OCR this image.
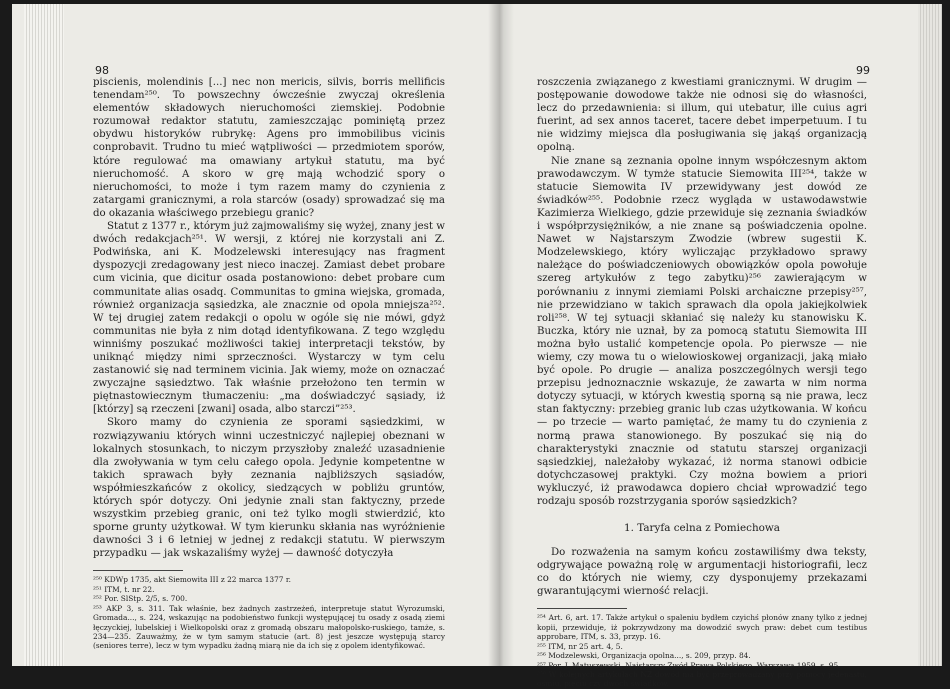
98	99

piscienis, molendinis [...] nec non mericis, silvis, borris mellificis tenendam²⁵⁰. To powszechny ówcześnie zwyczaj określenia elementów składowych nieruchomości ziemskiej. Podobnie rozumował redaktor statutu, zamieszczając pominiętą przez obydwu historyków rubrykę: Agens pro immobilibus vicinis conprobavit. Trudno tu mieć wątpliwości — przedmiotem sporów, które regulować ma omawiany artykuł statutu, ma być nieruchomość. A skoro w grę mają wchodzić spory o nieruchomości, to może i tym razem mamy do czynienia z zatargami granicznymi, a rola starców (osady) sprowadzać się ma do okazania właściwego przebiegu granic?

Statut z 1377 r., którym już zajmowaliśmy się wyżej, znany jest w dwóch redakcjach²⁵¹. W wersji, z której nie korzystali ani Z. Podwińska, ani K. Modzelewski interesujący nas fragment dyspozycji zredagowany jest nieco inaczej. Zamiast debet probare cum vicinia, que dicitur osada postanowiono: debet probare cum communitate alias osadq. Communitas to gmina wiejska, gromada, również organizacja sąsiedzka, ale znacznie od opola mniejsza²⁵². W tej drugiej zatem redakcji o opolu w ogóle się nie mówi, gdyż communitas nie była z nim dotąd identyfikowana. Z tego względu winniśmy poszukać możliwości takiej interpretacji tekstów, by uniknąć między nimi sprzeczności. Wystarczy w tym celu zastanowić się nad terminem vicinia. Jak wiemy, może on oznaczać zwyczajne sąsiedztwo. Tak właśnie przełożono ten termin w piętnastowiecznym tłumaczeniu: „ma doświadczyć sąsiady, iż [którzy] są rzeczeni [zwani] osada, albo starczi”²⁵³.

Skoro mamy do czynienia ze sporami sąsiedzkimi, w rozwiązywaniu których winni uczestniczyć najlepiej obeznani w lokalnych stosunkach, to niczym przyszłoby znaleźć uzasadnienie dla zwoływania w tym celu całego opola. Jedynie kompetentne w takich sprawach były zeznania najbliższych sąsiadów, współmieszkańców z okolicy, siedzących w pobliżu gruntów, których spór dotyczy. Oni jedynie znali stan faktyczny, przede wszystkim przebieg granic, oni też tylko mogli stwierdzić, kto sporne grunty użytkował. W tym kierunku skłania nas wyróżnienie dawności 3 i 6 letniej w jednej z redakcji statutu. W pierwszym przypadku — jak wskazaliśmy wyżej — dawność dotyczyła

²⁵⁰ KDWp 1735, akt Siemowita III z 22 marca 1377 r.

²⁵¹ ITM, t. nr 22.

²⁵² Por. SlStp. 2/5, s. 700.

²⁵³ AKP 3, s. 311. Tak właśnie, bez żadnych zastrzeżeń, interpretuje statut Wyrozumski, Gromada..., s. 224, wskazując na podobieństwo funkcji występującej tu osady z osadą ziemi łęczyckiej, lubelskiej i Wielkopolski oraz z gromadą obszaru małopolsko-ruskiego, tamże, s. 234—235. Zauważmy, że w tym samym statucie (art. 8) jest jeszcze występują starcy (seniores terre), lecz w tym wypadku żadną miarą nie da ich się z opolem identyfikować.

roszczenia związanego z kwestiami granicznymi. W drugim — postępowanie dowodowe także nie odnosi się do własności, lecz do przedawnienia: si illum, qui utebatur, ille cuius agri fuerint, ad sex annos taceret, tacere debet imperpetuum. I tu nie widzimy miejsca dla posługiwania się jakąś organizacją opolną.

Nie znane są zeznania opolne innym współczesnym aktom prawodawczym. W tymże statucie Siemowita III²⁵⁴, także w statucie Siemowita IV przewidywany jest dowód ze świadków²⁵⁵. Podobnie rzecz wygląda w ustawodawstwie Kazimierza Wielkiego, gdzie przewiduje się zeznania świadków i współprzysiężników, a nie znane są poświadczenia opolne. Nawet w Najstarszym Zwodzie (wbrew sugestii K. Modzelewskiego, który wyliczając przykładowo sprawy należące do poświadczeniowych obowiązków opola powołuje szereg artykułów z tego zabytku)²⁵⁶ zawierającym w porównaniu z innymi ziemiami Polski archaiczne przepisy²⁵⁷, nie przewidziano w takich sprawach dla opola jakiejkolwiek roli²⁵⁸. W tej sytuacji skłaniać się należy ku stanowisku K. Buczka, który nie uznał, by za pomocą statutu Siemowita III można było ustalić kompetencje opola. Po pierwsze — nie wiemy, czy mowa tu o wielowioskowej organizacji, jaką miało być opole. Po drugie — analiza poszczególnych wersji tego przepisu jednoznacznie wskazuje, że zawarta w nim norma dotyczy sytuacji, w których kwestią sporną są nie prawa, lecz stan faktyczny: przebieg granic lub czas użytkowania. W końcu — po trzecie — warto pamiętać, że mamy tu do czynienia z normą prawa stanowionego. By poszukać się nią do charakterystyki znacznie od statutu starszej organizacji sąsiedzkiej, należałoby wykazać, iż norma stanowi odbicie dotychczasowej praktyki. Czy można bowiem a priori wykluczyć, iż prawodawca dopiero chciał wprowadzić tego rodzaju sposób rozstrzygania sporów sąsiedzkich?

1. Taryfa celna z Pomiechowa

Do rozważenia na samym końcu zostawiliśmy dwa teksty, odgrywające poważną rolę w argumentacji historiografii, lecz co do których nie wiemy, czy dysponujemy przekazami gwarantującymi wierność relacji.

²⁵⁴ Art. 6, art. 17. Także artykuł o spaleniu bydłem czyichś płonów znany tylko z jednej kopii, przewiduje, iż pokrzywdzony ma dowodzić swych praw: debet cum testibus approbare, ITM, s. 33, przyp. 16.

²⁵⁵ ITM, nr 25 art. 4, 5.

²⁵⁶ Modzelewski, Organizacja opolna..., s. 209, przyp. 84.

²⁵⁷ Por. J. Matuszewski, Najstarszy Zwód Prawa Polskiego, Warszawa 1959, s. 95.

²⁵⁸ W kolejnych artykułach NZ dowód ma być przeprowadzany przy pomocy jedenastu, ośmiu, pięciu czy dwóch świadków.
